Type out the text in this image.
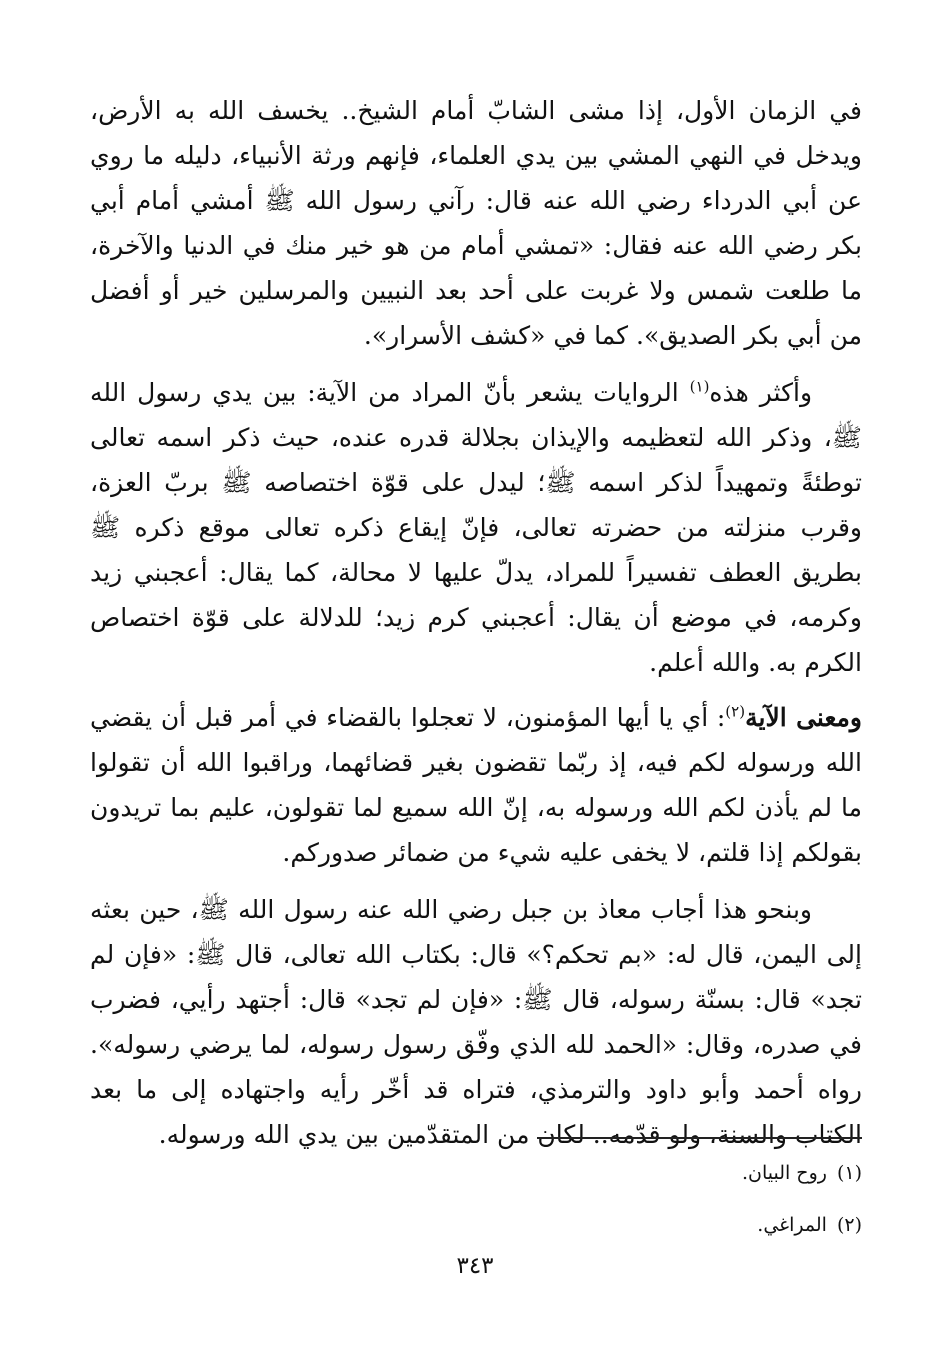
في الزمان الأول، إذا مشى الشابّ أمام الشيخ.. يخسف الله به الأرض، ويدخل في النهي المشي بين يدي العلماء، فإنهم ورثة الأنبياء، دليله ما روي عن أبي الدرداء رضي الله عنه قال: رآني رسول الله ﷺ أمشي أمام أبي بكر رضي الله عنه فقال: «تمشي أمام من هو خير منك في الدنيا والآخرة، ما طلعت شمس ولا غربت على أحد بعد النبيين والمرسلين خير أو أفضل من أبي بكر الصديق». كما في «كشف الأسرار».

وأكثر هذه$^{(١)}$ الروايات يشعر بأنّ المراد من الآية: بين يدي رسول الله ﷺ، وذكر الله لتعظيمه والإيذان بجلالة قدره عنده، حيث ذكر اسمه تعالى توطئةً وتمهيداً لذكر اسمه ﷺ؛ ليدل على قوّة اختصاصه ﷺ بربّ العزة، وقرب منزلته من حضرته تعالى، فإنّ إيقاع ذكره تعالى موقع ذكره ﷺ بطريق العطف تفسيراً للمراد، يدلّ عليها لا محالة، كما يقال: أعجبني زيد وكرمه، في موضع أن يقال: أعجبني كرم زيد؛ للدلالة على قوّة اختصاص الكرم به. والله أعلم.

ومعنى الآية$^{(٢)}$: أي يا أيها المؤمنون، لا تعجلوا بالقضاء في أمر قبل أن يقضي الله ورسوله لكم فيه، إذ ربّما تقضون بغير قضائهما، وراقبوا الله أن تقولوا ما لم يأذن لكم الله ورسوله به، إنّ الله سميع لما تقولون، عليم بما تريدون بقولكم إذا قلتم، لا يخفى عليه شيء من ضمائر صدوركم.

وبنحو هذا أجاب معاذ بن جبل رضي الله عنه رسول الله ﷺ، حين بعثه إلى اليمن، قال له: «بم تحكم؟» قال: بكتاب الله تعالى، قال ﷺ: «فإن لم تجد» قال: بسنّة رسوله، قال ﷺ: «فإن لم تجد» قال: أجتهد رأيي، فضرب في صدره، وقال: «الحمد لله الذي وفّق رسول رسوله، لما يرضي رسوله». رواه أحمد وأبو داود والترمذي، فتراه قد أخّر رأيه واجتهاده إلى ما بعد الكتاب والسنة، ولو قدّمه.. لكان من المتقدّمين بين يدي الله ورسوله.

(١)روح البيان.

(٢)المراغي.

٣٤٣
